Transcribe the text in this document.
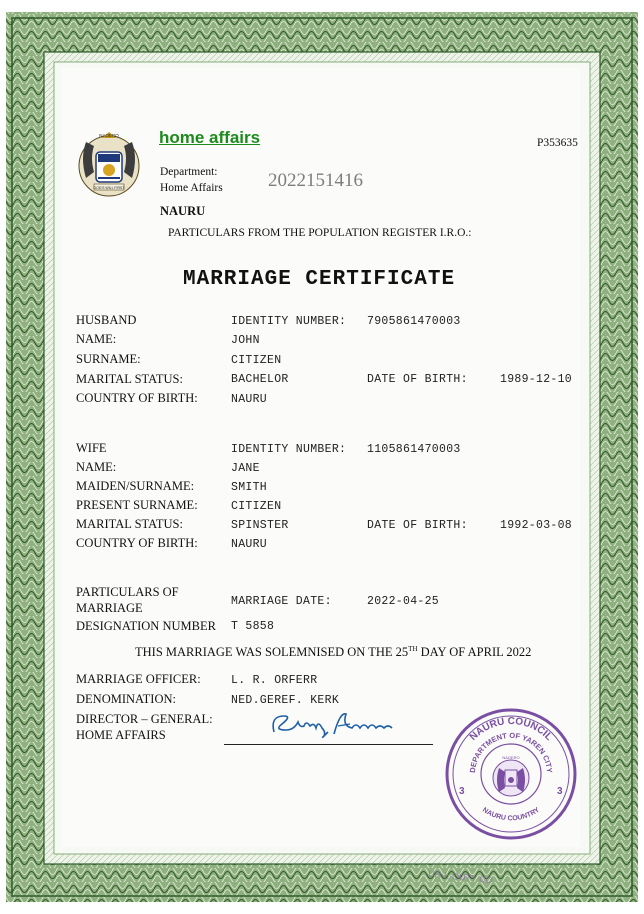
NAOERO
GOD'S WILL FIRST
home affairs	P353635
Department:
Home Affairs 2022151416
NAURU
PARTICULARS FROM THE POPULATION REGISTER I.R.O.:
MARRIAGE CERTIFICATE
HUSBAND	IDENTITY NUMBER: 7905861470003
NAME:	JOHN
SURNAME:	CITIZEN
MARITAL STATUS:	BACHELOR	DATE OF BIRTH:	1989-12-10
COUNTRY OF BIRTH:	NAURU
WIFE	IDENTITY NUMBER: 1105861470003
NAME:	JANE
MAIDEN/SURNAME:	SMITH
PRESENT SURNAME:	CITIZEN
MARITAL STATUS:	SPINSTER	DATE OF BIRTH:	1992-03-08
COUNTRY OF BIRTH:	NAURU
PARTICULARS OF
MARRIAGE	MARRIAGE DATE:	2022-04-25
DESIGNATION NUMBER T 5858
THIS MARRIAGE WAS SOLEMNISED ON THE 25TH DAY OF APRIL 2022
MARRIAGE OFFICER:	L. R. ORFERR
DENOMINATION:	NED.GEREF. KERK
DIRECTOR – GENERAL:
HOME AFFAIRS	NAURU COUNCIL
DEPARTMENT OF YAREN CITY
NAURU COUNTRY
3	3
NAOERO
UR·L·OUTY CO
